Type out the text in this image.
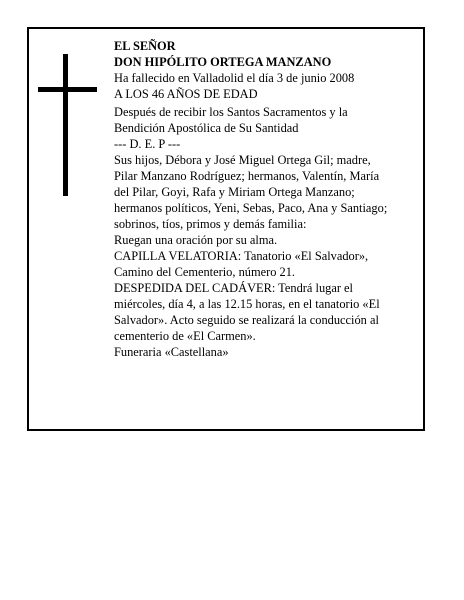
EL SEÑOR
DON HIPÓLITO ORTEGA MANZANO
Ha fallecido en Valladolid el día 3 de junio 2008
A LOS 46 AÑOS DE EDAD
Después de recibir los Santos Sacramentos y la
Bendición Apostólica de Su Santidad
--- D. E. P ---
Sus hijos, Débora y José Miguel Ortega Gil; madre,
Pilar Manzano Rodríguez; hermanos, Valentín, María
del Pilar, Goyi, Rafa y Miriam Ortega Manzano;
hermanos políticos, Yeni, Sebas, Paco, Ana y Santiago;
sobrinos, tíos, primos y demás familia:
Ruegan una oración por su alma.
CAPILLA VELATORIA: Tanatorio «El Salvador»,
Camino del Cementerio, número 21.
DESPEDIDA DEL CADÁVER: Tendrá lugar el
miércoles, día 4, a las 12.15 horas, en el tanatorio «El
Salvador». Acto seguido se realizará la conducción al
cementerio de «El Carmen».
Funeraria «Castellana»
